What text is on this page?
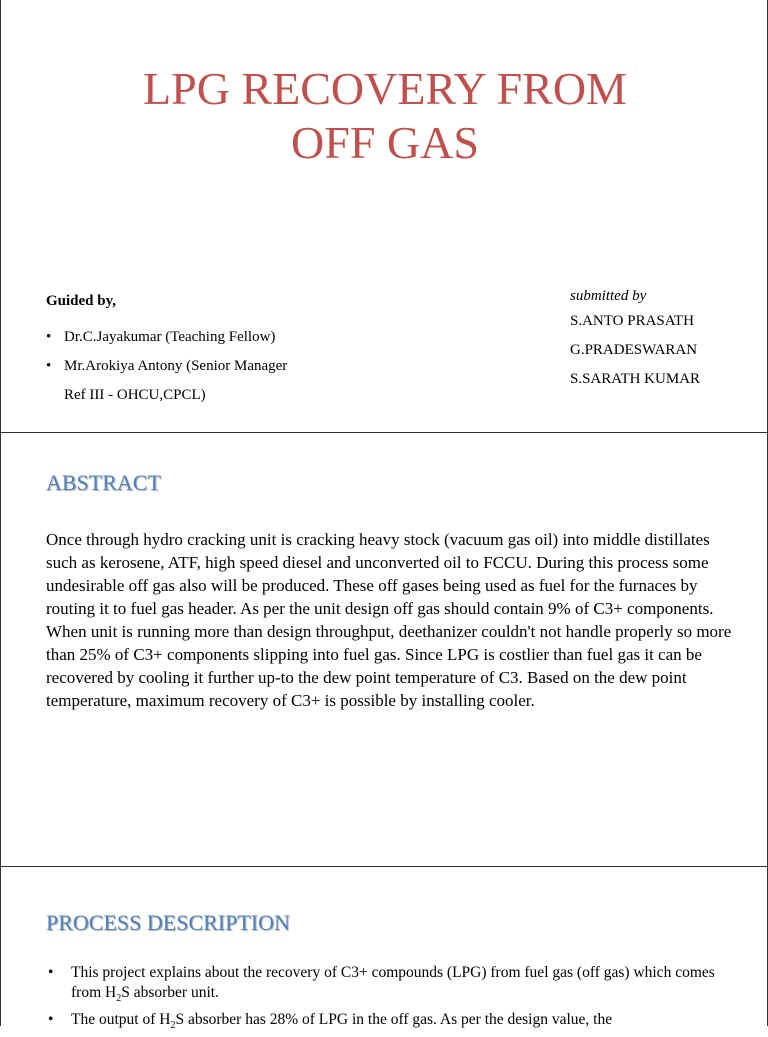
LPG RECOVERY FROM
OFF GAS
Guided by,
• Dr.C.Jayakumar (Teaching Fellow)
• Mr.Arokiya Antony (Senior Manager
Ref III - OHCU,CPCL)
submitted by
S.ANTO PRASATH
G.PRADESWARAN
S.SARATH KUMAR
ABSTRACT
Once through hydro cracking unit is cracking heavy stock (vacuum gas oil) into middle distillates such as kerosene, ATF, high speed diesel and unconverted oil to FCCU. During this process some undesirable off gas also will be produced. These off gases being used as fuel for the furnaces by routing it to fuel gas header. As per the unit design off gas should contain 9% of C3+ components. When unit is running more than design throughput, deethanizer couldn't not handle properly so more than 25% of C3+ components slipping into fuel gas. Since LPG is costlier than fuel gas it can be recovered by cooling it further up-to the dew point temperature of C3. Based on the dew point temperature, maximum recovery of C3+ is possible by installing cooler.
PROCESS DESCRIPTION
• This project explains about the recovery of C3+ compounds (LPG) from fuel gas (off gas) which comes from $H_2S$ absorber unit.
• The output of $H_2S$ absorber has 28% of LPG in the off gas. As per the design value, the
